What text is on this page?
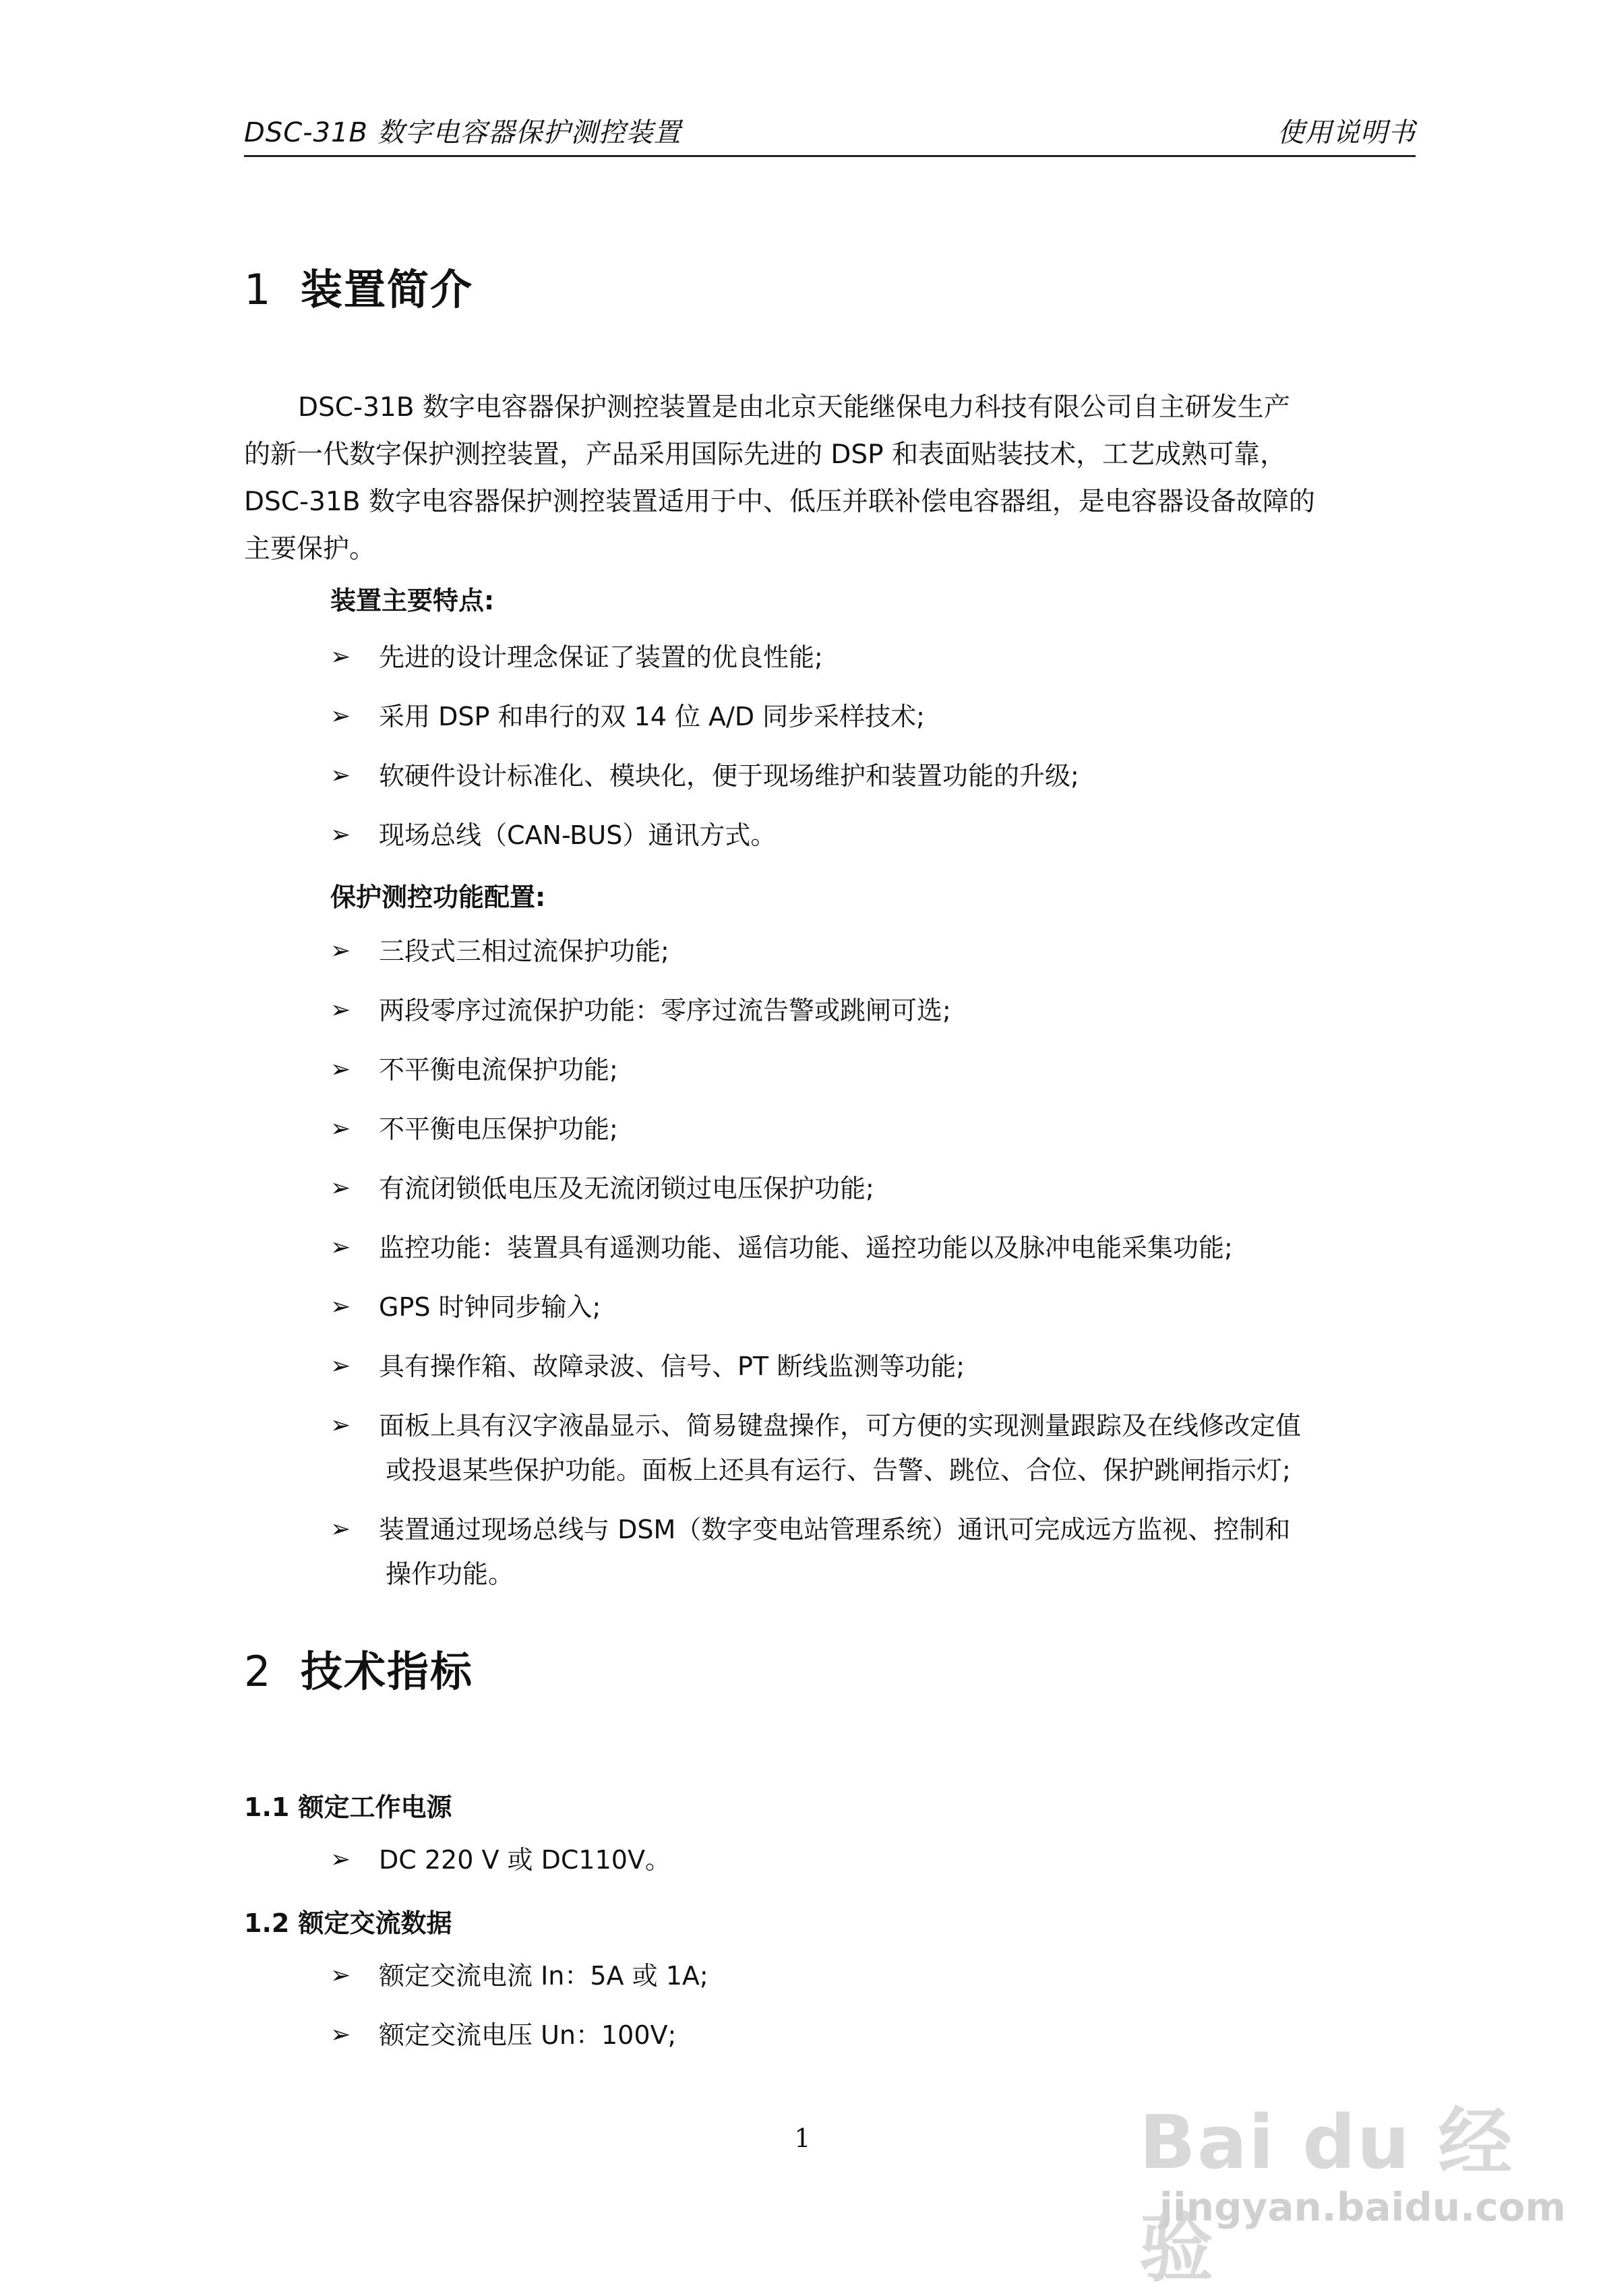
DSC-31B 数字电容器保护测控装置	使用说明书
1 装置简介
DSC-31B 数字电容器保护测控装置是由北京天能继保电力科技有限公司自主研发生产
的新一代数字保护测控装置，产品采用国际先进的 DSP 和表面贴装技术，工艺成熟可靠，
DSC-31B 数字电容器保护测控装置适用于中、低压并联补偿电容器组，是电容器设备故障的
主要保护。
装置主要特点:
➢	先进的设计理念保证了装置的优良性能;
➢	采用 DSP 和串行的双 14 位 A/D 同步采样技术;
➢	软硬件设计标准化、模块化，便于现场维护和装置功能的升级;
➢	现场总线（CAN-BUS）通讯方式。
保护测控功能配置:
➢	三段式三相过流保护功能;
➢	两段零序过流保护功能：零序过流告警或跳闸可选;
➢	不平衡电流保护功能;
➢	不平衡电压保护功能;
➢	有流闭锁低电压及无流闭锁过电压保护功能;
➢	监控功能：装置具有遥测功能、遥信功能、遥控功能以及脉冲电能采集功能;
➢	GPS 时钟同步输入;
➢	具有操作箱、故障录波、信号、PT 断线监测等功能;
➢	面板上具有汉字液晶显示、简易键盘操作，可方便的实现测量跟踪及在线修改定值
或投退某些保护功能。面板上还具有运行、告警、跳位、合位、保护跳闸指示灯;
➢	装置通过现场总线与 DSM（数字变电站管理系统）通讯可完成远方监视、控制和
操作功能。
2 技术指标
1.1 额定工作电源
➢	DC 220 V 或 DC110V。
1.2 额定交流数据
➢	额定交流电流 In：5A 或 1A;
➢	额定交流电压 Un：100V;
1	Bai du 经验
jingyan.baidu.com
